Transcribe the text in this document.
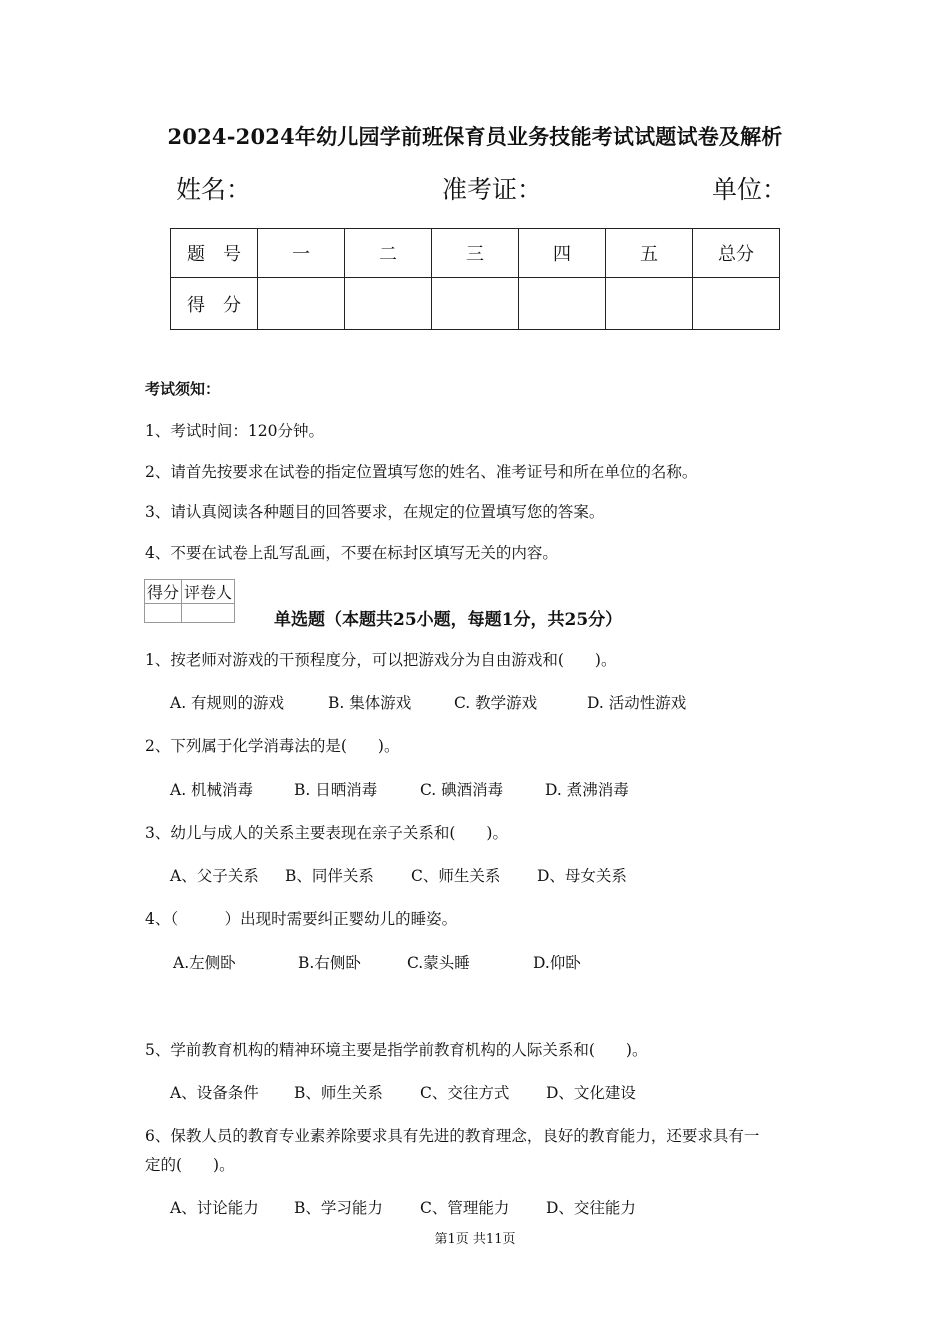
2024-2024年幼儿园学前班保育员业务技能考试试题试卷及解析
姓名：	准考证：	单位：
题　号	一	二	三	四	五	总分
得　分						
考试须知：
1、考试时间：120分钟。
2、请首先按要求在试卷的指定位置填写您的姓名、准考证号和所在单位的名称。
3、请认真阅读各种题目的回答要求，在规定的位置填写您的答案。
4、不要在试卷上乱写乱画，不要在标封区填写无关的内容。
得分	评卷人

单选题（本题共25小题，每题1分，共25分）
1、按老师对游戏的干预程度分，可以把游戏分为自由游戏和(　　)。
A. 有规则的游戏	B. 集体游戏	C. 教学游戏	D. 活动性游戏
2、下列属于化学消毒法的是(　　)。
A. 机械消毒	B. 日晒消毒	C. 碘酒消毒	D. 煮沸消毒
3、幼儿与成人的关系主要表现在亲子关系和(　　)。
A、父子关系 B、同伴关系 C、师生关系 D、母女关系
4、（　　　）出现时需要纠正婴幼儿的睡姿。
A.左侧卧	B.右侧卧	C.蒙头睡	D.仰卧
5、学前教育机构的精神环境主要是指学前教育机构的人际关系和(　　)。
A、设备条件 B、师生关系 C、交往方式 D、文化建设
6、保教人员的教育专业素养除要求具有先进的教育理念，良好的教育能力，还要求具有一
定的(　　)。
A、讨论能力 B、学习能力 C、管理能力 D、交往能力
第1页 共11页
